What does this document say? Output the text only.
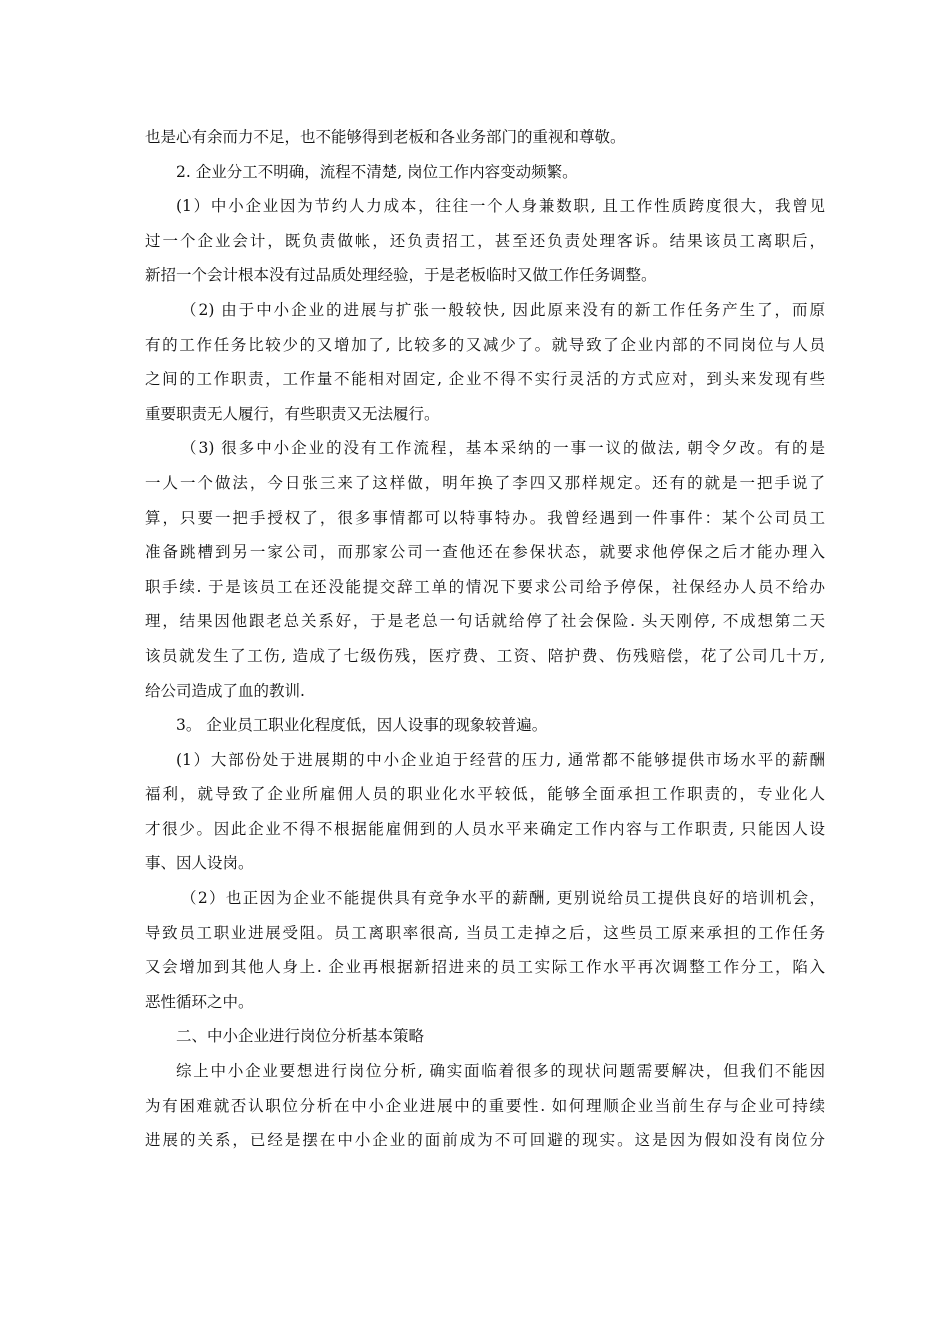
也是心有余而力不足，也不能够得到老板和各业务部门的重视和尊敬。
2. 企业分工不明确，流程不清楚, 岗位工作内容变动频繁。
(1）中小企业因为节约人力成本，往往一个人身兼数职, 且工作性质跨度很大，我曾见
过一个企业会计，既负责做帐，还负责招工，甚至还负责处理客诉。结果该员工离职后，
新招一个会计根本没有过品质处理经验，于是老板临时又做工作任务调整。
（2) 由于中小企业的进展与扩张一般较快, 因此原来没有的新工作任务产生了，而原
有的工作任务比较少的又增加了, 比较多的又减少了。就导致了企业内部的不同岗位与人员
之间的工作职责，工作量不能相对固定, 企业不得不实行灵活的方式应对，到头来发现有些
重要职责无人履行，有些职责又无法履行。
（3) 很多中小企业的没有工作流程，基本采纳的一事一议的做法, 朝令夕改。有的是
一人一个做法，今日张三来了这样做，明年换了李四又那样规定。还有的就是一把手说了
算，只要一把手授权了，很多事情都可以特事特办。我曾经遇到一件事件：某个公司员工
准备跳槽到另一家公司，而那家公司一查他还在参保状态，就要求他停保之后才能办理入
职手续. 于是该员工在还没能提交辞工单的情况下要求公司给予停保，社保经办人员不给办
理，结果因他跟老总关系好，于是老总一句话就给停了社会保险. 头天刚停, 不成想第二天
该员就发生了工伤, 造成了七级伤残，医疗费、工资、陪护费、伤残赔偿，花了公司几十万,
给公司造成了血的教训.
3。 企业员工职业化程度低，因人设事的现象较普遍。
(1）大部份处于进展期的中小企业迫于经营的压力, 通常都不能够提供市场水平的薪酬
福利，就导致了企业所雇佣人员的职业化水平较低，能够全面承担工作职责的，专业化人
才很少。因此企业不得不根据能雇佣到的人员水平来确定工作内容与工作职责, 只能因人设
事、因人设岗。
（2）也正因为企业不能提供具有竞争水平的薪酬, 更别说给员工提供良好的培训机会，
导致员工职业进展受阻。员工离职率很高, 当员工走掉之后，这些员工原来承担的工作任务
又会增加到其他人身上. 企业再根据新招进来的员工实际工作水平再次调整工作分工，陷入
恶性循环之中。
二、中小企业进行岗位分析基本策略
综上中小企业要想进行岗位分析, 确实面临着很多的现状问题需要解决，但我们不能因
为有困难就否认职位分析在中小企业进展中的重要性. 如何理顺企业当前生存与企业可持续
进展的关系，已经是摆在中小企业的面前成为不可回避的现实。这是因为假如没有岗位分
